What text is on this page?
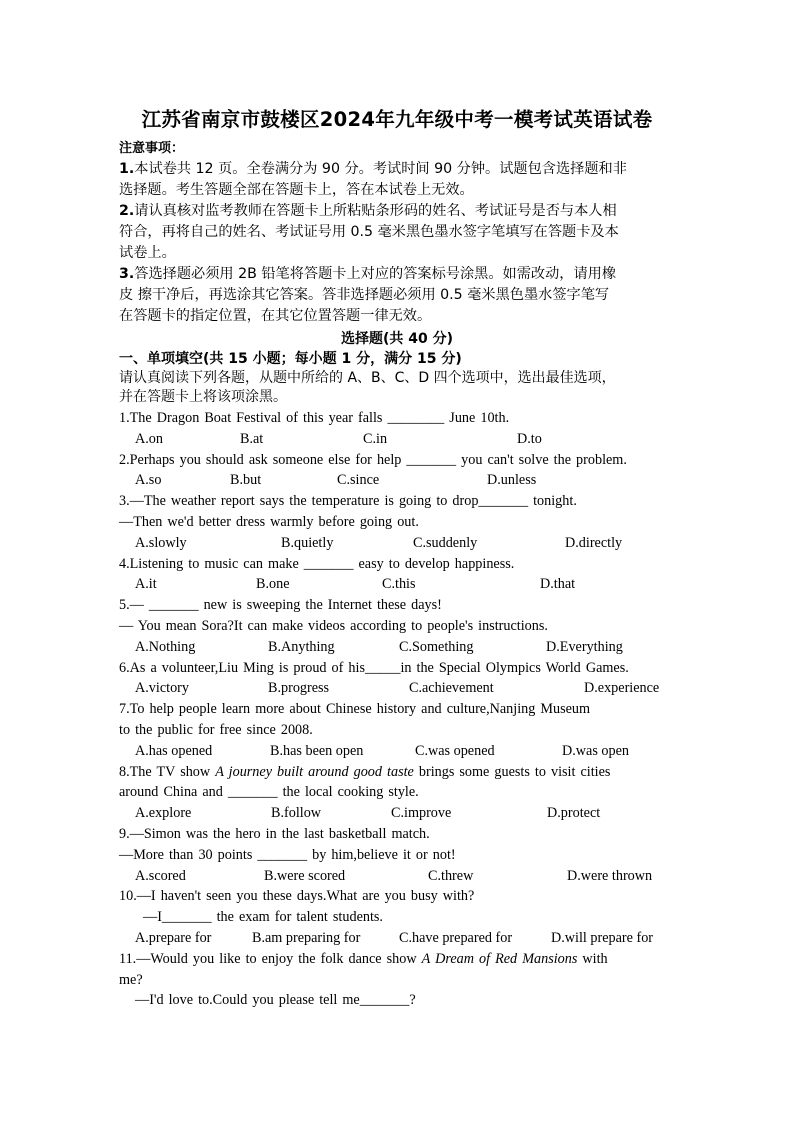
江苏省南京市鼓楼区2024年九年级中考一模考试英语试卷

注意事项：

1.本试卷共 12 页。全卷满分为 90 分。考试时间 90 分钟。试题包含选择题和非

选择题。考生答题全部在答题卡上，答在本试卷上无效。

2.请认真核对监考教师在答题卡上所粘贴条形码的姓名、考试证号是否与本人相

符合，再将自己的姓名、考试证号用 0.5 毫米黑色墨水签字笔填写在答题卡及本

试卷上。

3.答选择题必须用 2B 铅笔将答题卡上对应的答案标号涂黑。如需改动，请用橡

皮 擦干净后，再选涂其它答案。答非选择题必须用 0.5 毫米黑色墨水签字笔写

在答题卡的指定位置，在其它位置答题一律无效。

选择题(共 40 分)
一、单项填空(共 15 小题；每小题 1 分，满分 15 分)
请认真阅读下列各题，从题中所给的 A、B、C、D 四个选项中，选出最佳选项，
并在答题卡上将该项涂黑。
1.The Dragon Boat Festival of this year falls ________ June 10th.
A.on	B.at	C.in	D.to
2.Perhaps you should ask someone else for help _______ you can't solve the problem.
A.so	B.but	C.since	D.unless
3.—The weather report says the temperature is going to drop_______ tonight.
—Then we'd better dress warmly before going out.
A.slowly	B.quietly	C.suddenly	D.directly
4.Listening to music can make _______ easy to develop happiness.
A.it	B.one	C.this	D.that
5.— _______ new is sweeping the Internet these days!
— You mean Sora?It can make videos according to people's instructions.
A.Nothing	B.Anything	C.Something	D.Everything
6.As a volunteer,Liu Ming is proud of his_____in the Special Olympics World Games.
A.victory	B.progress	C.achievement	D.experience
7.To help people learn more about Chinese history and culture,Nanjing Museum
to the public for free since 2008.
A.has opened	B.has been open	C.was opened	D.was open
8.The TV show A journey built around good taste brings some guests to visit cities
around China and _______ the local cooking style.
A.explore	B.follow	C.improve	D.protect
9.—Simon was the hero in the last basketball match.
—More than 30 points _______ by him,believe it or not!
A.scored	B.were scored	C.threw	D.were thrown
10.—I haven't seen you these days.What are you busy with?
—I_______ the exam for talent students.
A.prepare for	B.am preparing for	C.have prepared for	D.will prepare for
11.—Would you like to enjoy the folk dance show A Dream of Red Mansions with
me?
—I'd love to.Could you please tell me_______?
